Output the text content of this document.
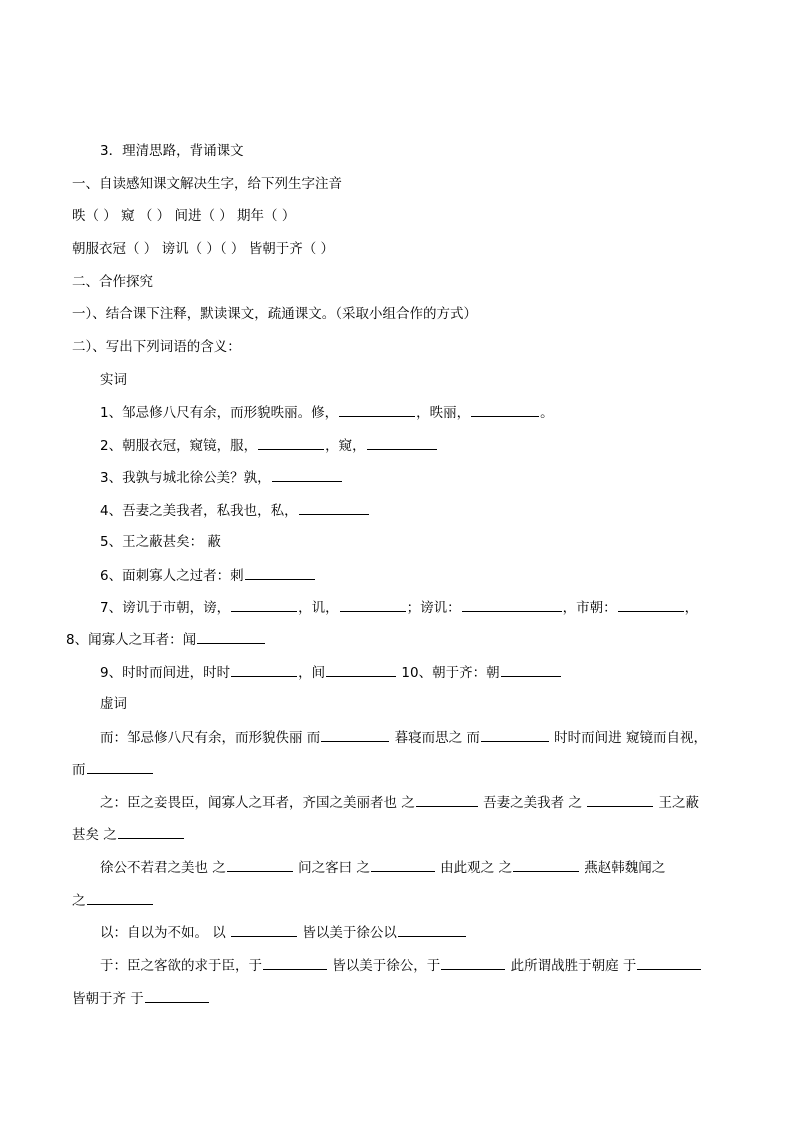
3．理清思路，背诵课文
一、自读感知课文解决生字，给下列生字注音
昳（ ） 窥 （ ） 间进（ ） 期年（ ）
朝服衣冠（ ） 谤讥（ ）（ ） 皆朝于齐（ ）
二、合作探究
一）、结合课下注释，默读课文，疏通课文。（采取小组合作的方式）
二）、写出下列词语的含义：
实词
1、邹忌修八尺有余，而形貌昳丽。修，	，昳丽，	。
2、朝服衣冠，窥镜，服，	，窥，
3、我孰与城北徐公美？孰，
4、吾妻之美我者，私我也，私，
5、王之蔽甚矣： 蔽
6、面刺寡人之过者：刺
7、谤讥于市朝，谤，	，讥，	；谤讥：	，市朝：	，
8、闻寡人之耳者：闻
9、时时而间进，时时	，间	10、朝于齐：朝
虚词
而：邹忌修八尺有余，而形貌佚丽 而	暮寝而思之 而	时时而间进 窥镜而自视，
而
之：臣之妾畏臣，闻寡人之耳者，齐国之美丽者也 之	吾妻之美我者 之	王之蔽
甚矣 之
徐公不若君之美也 之	问之客曰 之	由此观之 之	燕赵韩魏闻之
之
以：自以为不如。 以	皆以美于徐公以
于：臣之客欲的求于臣，于	皆以美于徐公，于	此所谓战胜于朝庭 于
皆朝于齐 于
